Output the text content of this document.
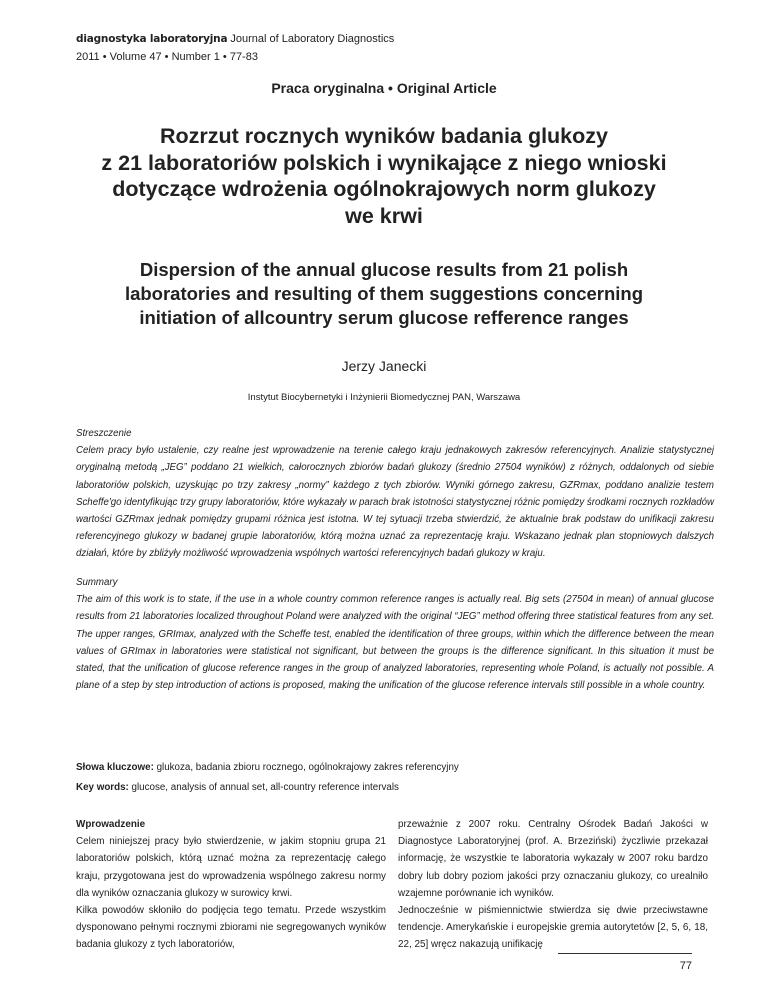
diagnostyka laboratoryjna Journal of Laboratory Diagnostics
2011 • Volume 47 • Number 1 • 77-83
Praca oryginalna • Original Article
Rozrzut rocznych wyników badania glukozy
z 21 laboratoriów polskich i wynikające z niego wnioski
dotyczące wdrożenia ogólnokrajowych norm glukozy
we krwi
Dispersion of the annual glucose results from 21 polish
laboratories and resulting of them suggestions concerning
initiation of allcountry serum glucose refference ranges
Jerzy Janecki
Instytut Biocybernetyki i Inżynierii Biomedycznej PAN, Warszawa
Streszczenie
Celem pracy było ustalenie, czy realne jest wprowadzenie na terenie całego kraju jednakowych zakresów referencyjnych. Analizie statystycznej oryginalną metodą „JEG” poddano 21 wielkich, całorocznych zbiorów badań glukozy (średnio 27504 wyników) z różnych, oddalonych od siebie laboratoriów polskich, uzyskując po trzy zakresy „normy” każdego z tych zbiorów. Wyniki górnego zakresu, GZRmax, poddano analizie testem Scheffe'go identyfikując trzy grupy laboratoriów, które wykazały w parach brak istotności statystycznej różnic pomiędzy środkami rocznych rozkładów wartości GZRmax jednak pomiędzy grupami różnica jest istotna. W tej sytuacji trzeba stwierdzić, że aktualnie brak podstaw do unifikacji zakresu referencyjnego glukozy w badanej grupie laboratoriów, którą można uznać za reprezentację kraju. Wskazano jednak plan stopniowych dalszych działań, które by zbliżyły możliwość wprowadzenia wspólnych wartości referencyjnych badań glukozy w kraju.
Summary
The aim of this work is to state, if the use in a whole country common reference ranges is actually real. Big sets (27504 in mean) of annual glucose results from 21 laboratories localized throughout Poland were analyzed with the original “JEG” method offering three statistical features from any set. The upper ranges, GRImax, analyzed with the Scheffe test, enabled the identification of three groups, within which the difference between the mean values of GRImax in laboratories were statistical not significant, but between the groups is the difference significant. In this situation it must be stated, that the unification of glucose reference ranges in the group of analyzed laboratories, representing whole Poland, is actually not possible. A plane of a step by step introduction of actions is proposed, making the unification of the glucose reference intervals still possible in a whole country.
Słowa kluczowe: glukoza, badania zbioru rocznego, ogólnokrajowy zakres referencyjny
Key words: glucose, analysis of annual set, all-country reference intervals
Wprowadzenie

Celem niniejszej pracy było stwierdzenie, w jakim stopniu grupa 21 laboratoriów polskich, którą uznać można za reprezentację całego kraju, przygotowana jest do wprowadzenia wspólnego zakresu normy dla wyników oznaczania glukozy w surowicy krwi.

Kilka powodów skłoniło do podjęcia tego tematu. Przede wszystkim dysponowano pełnymi rocznymi zbiorami nie segregowanych wyników badania glukozy z tych laboratoriów,

przeważnie z 2007 roku. Centralny Ośrodek Badań Jakości w Diagnostyce Laboratoryjnej (prof. A. Brzeziński) życzliwie przekazał informację, że wszystkie te laboratoria wykazały w 2007 roku bardzo dobry lub dobry poziom jakości przy oznaczaniu glukozy, co urealniło wzajemne porównanie ich wyników.

Jednocześnie w piśmiennictwie stwierdza się dwie przeciwstawne tendencje. Amerykańskie i europejskie gremia autorytetów [2, 5, 6, 18, 22, 25] wręcz nakazują unifikację

77
